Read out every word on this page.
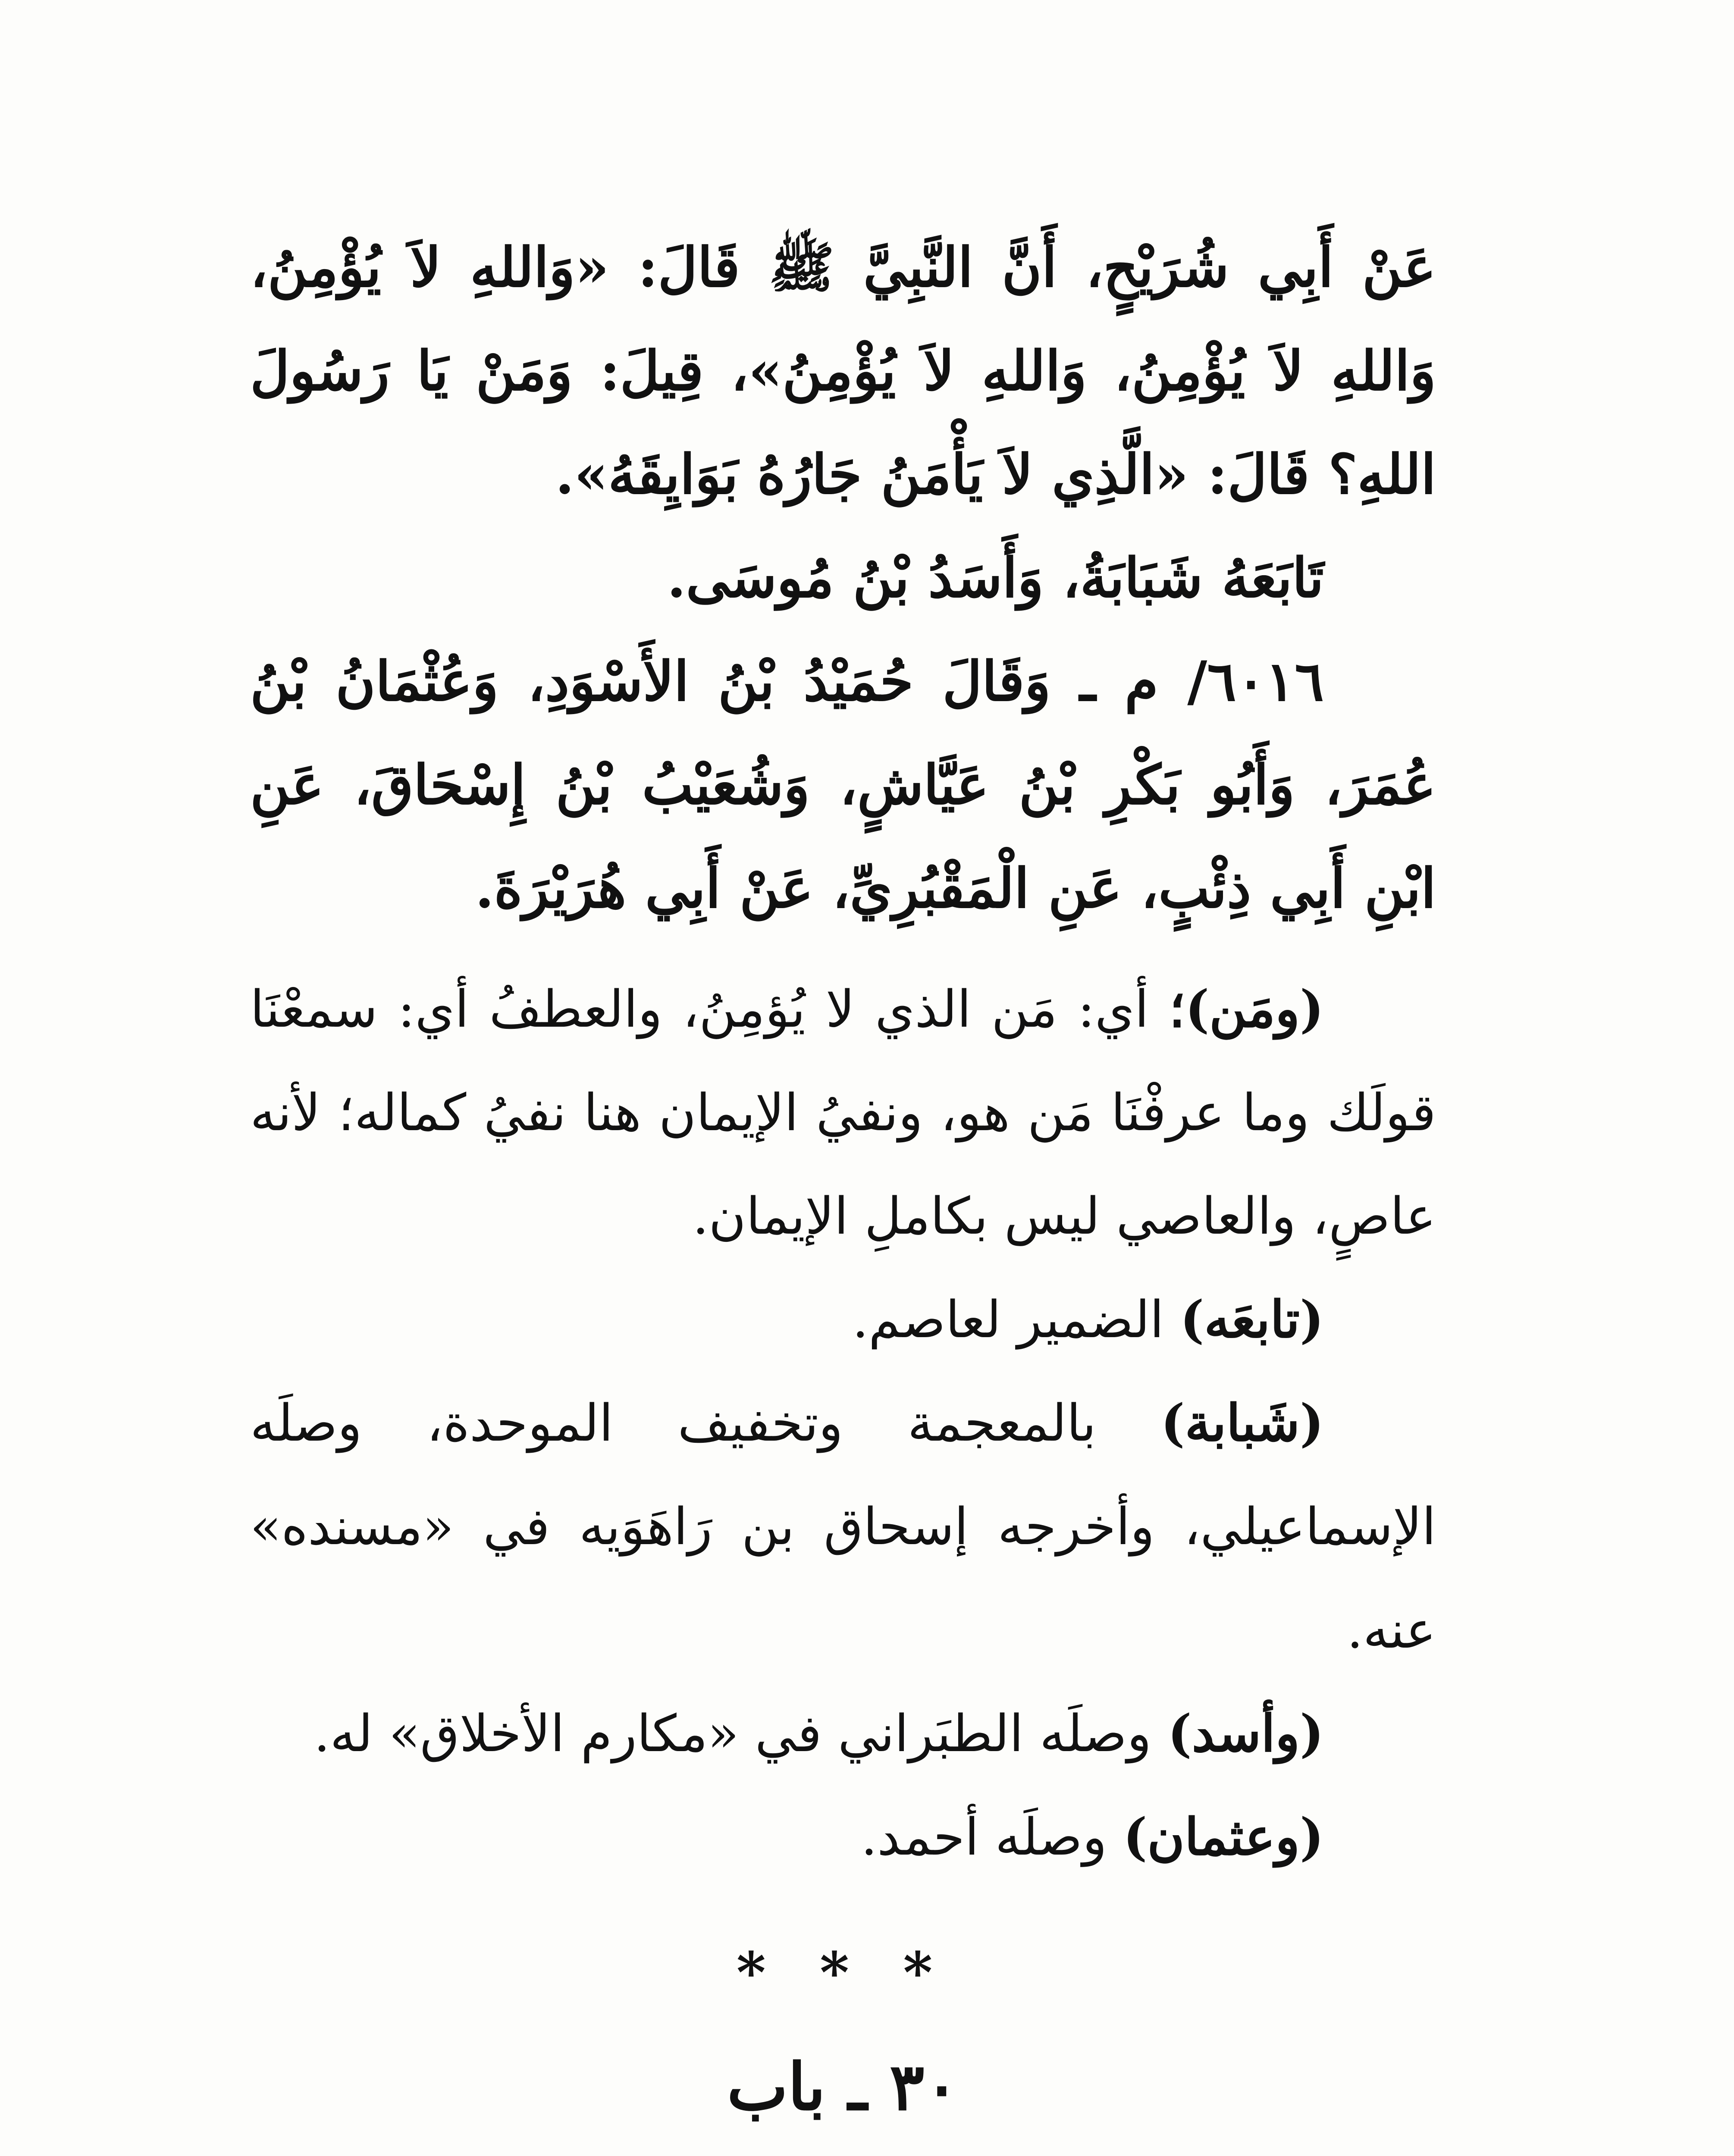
عَنْ أَبِي شُرَيْحٍ، أَنَّ النَّبِيَّ ﷺ قَالَ: «وَاللهِ لاَ يُؤْمِنُ، وَاللهِ لاَ يُؤْمِنُ، وَاللهِ لاَ يُؤْمِنُ»، قِيلَ: وَمَنْ يَا رَسُولَ اللهِ؟ قَالَ: «الَّذِي لاَ يَأْمَنُ جَارُهُ بَوَايِقَهُ».

تَابَعَهُ شَبَابَةُ، وَأَسَدُ بْنُ مُوسَى.

٦٠١٦/ م ـ وَقَالَ حُمَيْدُ بْنُ الأَسْوَدِ، وَعُثْمَانُ بْنُ عُمَرَ، وَأَبُو بَكْرِ بْنُ عَيَّاشٍ، وَشُعَيْبُ بْنُ إِسْحَاقَ، عَنِ ابْنِ أَبِي ذِئْبٍ، عَنِ الْمَقْبُرِيِّ، عَنْ أَبِي هُرَيْرَةَ.

(ومَن)؛ أي: مَن الذي لا يُؤمِنُ، والعطفُ أي: سمعْنَا قولَك وما عرفْنَا مَن هو، ونفيُ الإيمان هنا نفيُ كماله؛ لأنه عاصٍ، والعاصي ليس بكاملِ الإيمان.

(تابعَه) الضمير لعاصم.

(شَبابة) بالمعجمة وتخفيف الموحدة، وصلَه الإسماعيلي، وأخرجه إسحاق بن رَاهَوَيه في «مسنده» عنه.

(وأسد) وصلَه الطبَراني في «مكارم الأخلاق» له.

(وعثمان) وصلَه أحمد.

* * *
٣٠ ـ باب
